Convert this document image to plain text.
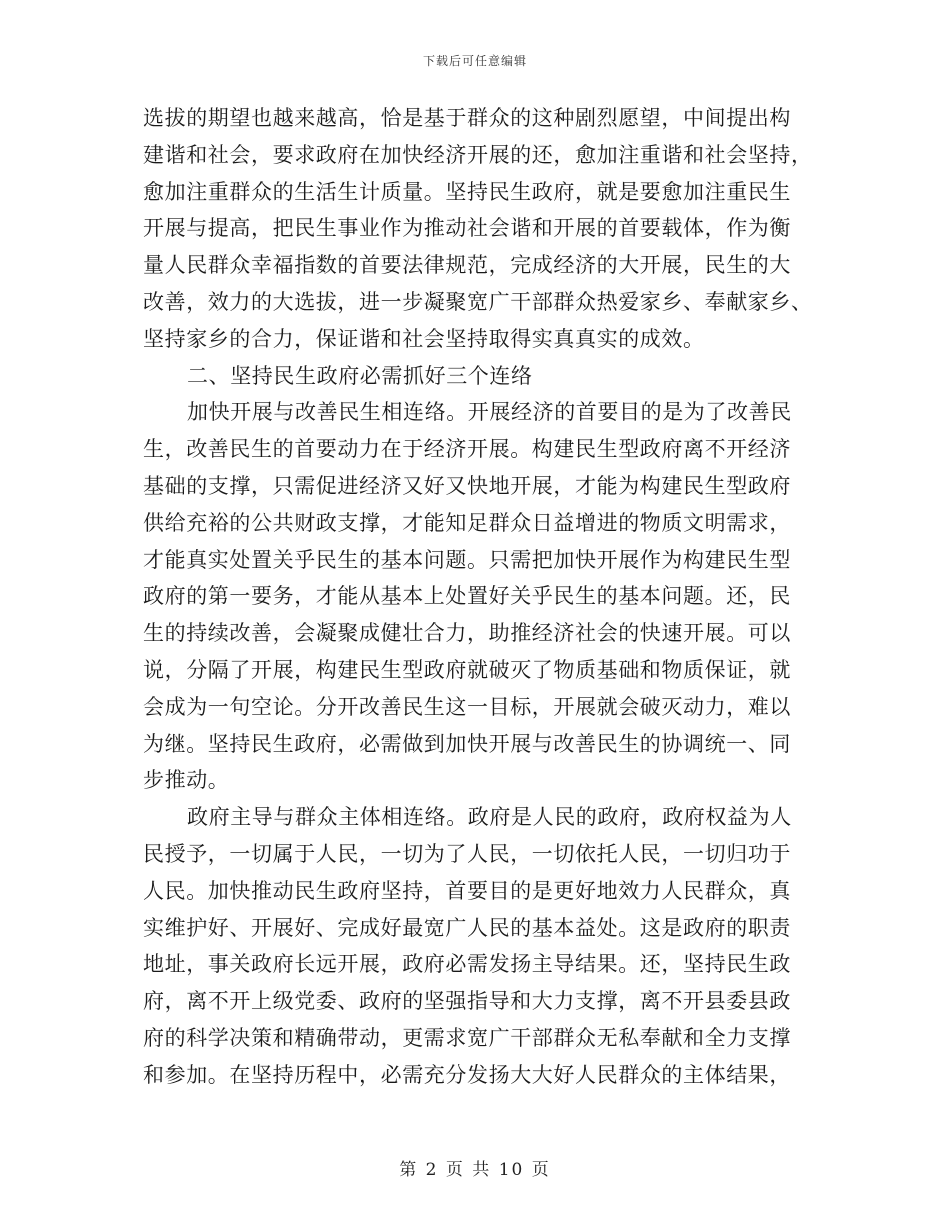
下载后可任意编辑
选拔的期望也越来越高，恰是基于群众的这种剧烈愿望，中间提出构
建谐和社会，要求政府在加快经济开展的还，愈加注重谐和社会坚持，
愈加注重群众的生活生计质量。坚持民生政府，就是要愈加注重民生
开展与提高，把民生事业作为推动社会谐和开展的首要载体，作为衡
量人民群众幸福指数的首要法律规范，完成经济的大开展，民生的大
改善，效力的大选拔，进一步凝聚宽广干部群众热爱家乡、奉献家乡、
坚持家乡的合力，保证谐和社会坚持取得实真真实的成效。
二、坚持民生政府必需抓好三个连络
加快开展与改善民生相连络。开展经济的首要目的是为了改善民
生，改善民生的首要动力在于经济开展。构建民生型政府离不开经济
基础的支撑，只需促进经济又好又快地开展，才能为构建民生型政府
供给充裕的公共财政支撑，才能知足群众日益增进的物质文明需求，
才能真实处置关乎民生的基本问题。只需把加快开展作为构建民生型
政府的第一要务，才能从基本上处置好关乎民生的基本问题。还，民
生的持续改善，会凝聚成健壮合力，助推经济社会的快速开展。可以
说，分隔了开展，构建民生型政府就破灭了物质基础和物质保证，就
会成为一句空论。分开改善民生这一目标，开展就会破灭动力，难以
为继。坚持民生政府，必需做到加快开展与改善民生的协调统一、同
步推动。
政府主导与群众主体相连络。政府是人民的政府，政府权益为人
民授予，一切属于人民，一切为了人民，一切依托人民，一切归功于
人民。加快推动民生政府坚持，首要目的是更好地效力人民群众，真
实维护好、开展好、完成好最宽广人民的基本益处。这是政府的职责
地址，事关政府长远开展，政府必需发扬主导结果。还，坚持民生政
府，离不开上级党委、政府的坚强指导和大力支撑，离不开县委县政
府的科学决策和精确带动，更需求宽广干部群众无私奉献和全力支撑
和参加。在坚持历程中，必需充分发扬大大好人民群众的主体结果，
第 2 页 共 10 页
